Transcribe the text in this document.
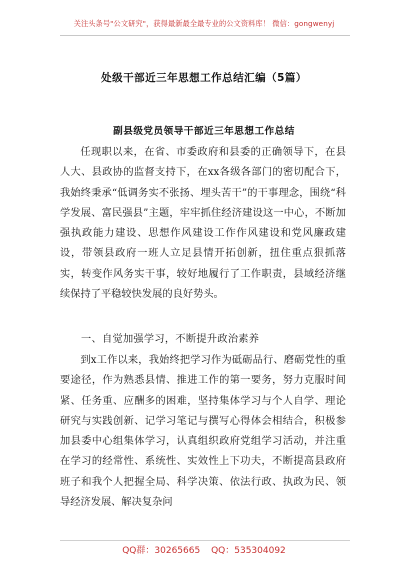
关注头条号"公文研究"，获得最新最全最专业的公文资料库！ 微信：gongwenyj
处级干部近三年思想工作总结汇编（5篇）
副县级党员领导干部近三年思想工作总结

任现职以来，在省、市委政府和县委的正确领导下，在县人大、县政协的监督支持下，在xx各级各部门的密切配合下，我始终秉承“低调务实不张扬、埋头苦干”的干事理念，围绕“科学发展、富民强县”主题，牢牢抓住经济建设这一中心，不断加强执政能力建设、思想作风建设工作作风建设和党风廉政建设，带领县政府一班人立足县情开拓创新，扭住重点狠抓落实，转变作风务实干事，较好地履行了工作职责，县域经济继续保持了平稳较快发展的良好势头。

一、自觉加强学习，不断提升政治素养

到x工作以来，我始终把学习作为砥砺品行、磨砺党性的重要途径，作为熟悉县情、推进工作的第一要务，努力克服时间紧、任务重、应酬多的困难，坚持集体学习与个人自学、理论研究与实践创新、记学习笔记与撰写心得体会相结合，积极参加县委中心组集体学习，认真组织政府党组学习活动，并注重在学习的经常性、系统性、实效性上下功夫，不断提高县政府班子和我个人把握全局、科学决策、依法行政、执政为民、领导经济发展、解决复杂问

QQ群：30265665 QQ：535304092
